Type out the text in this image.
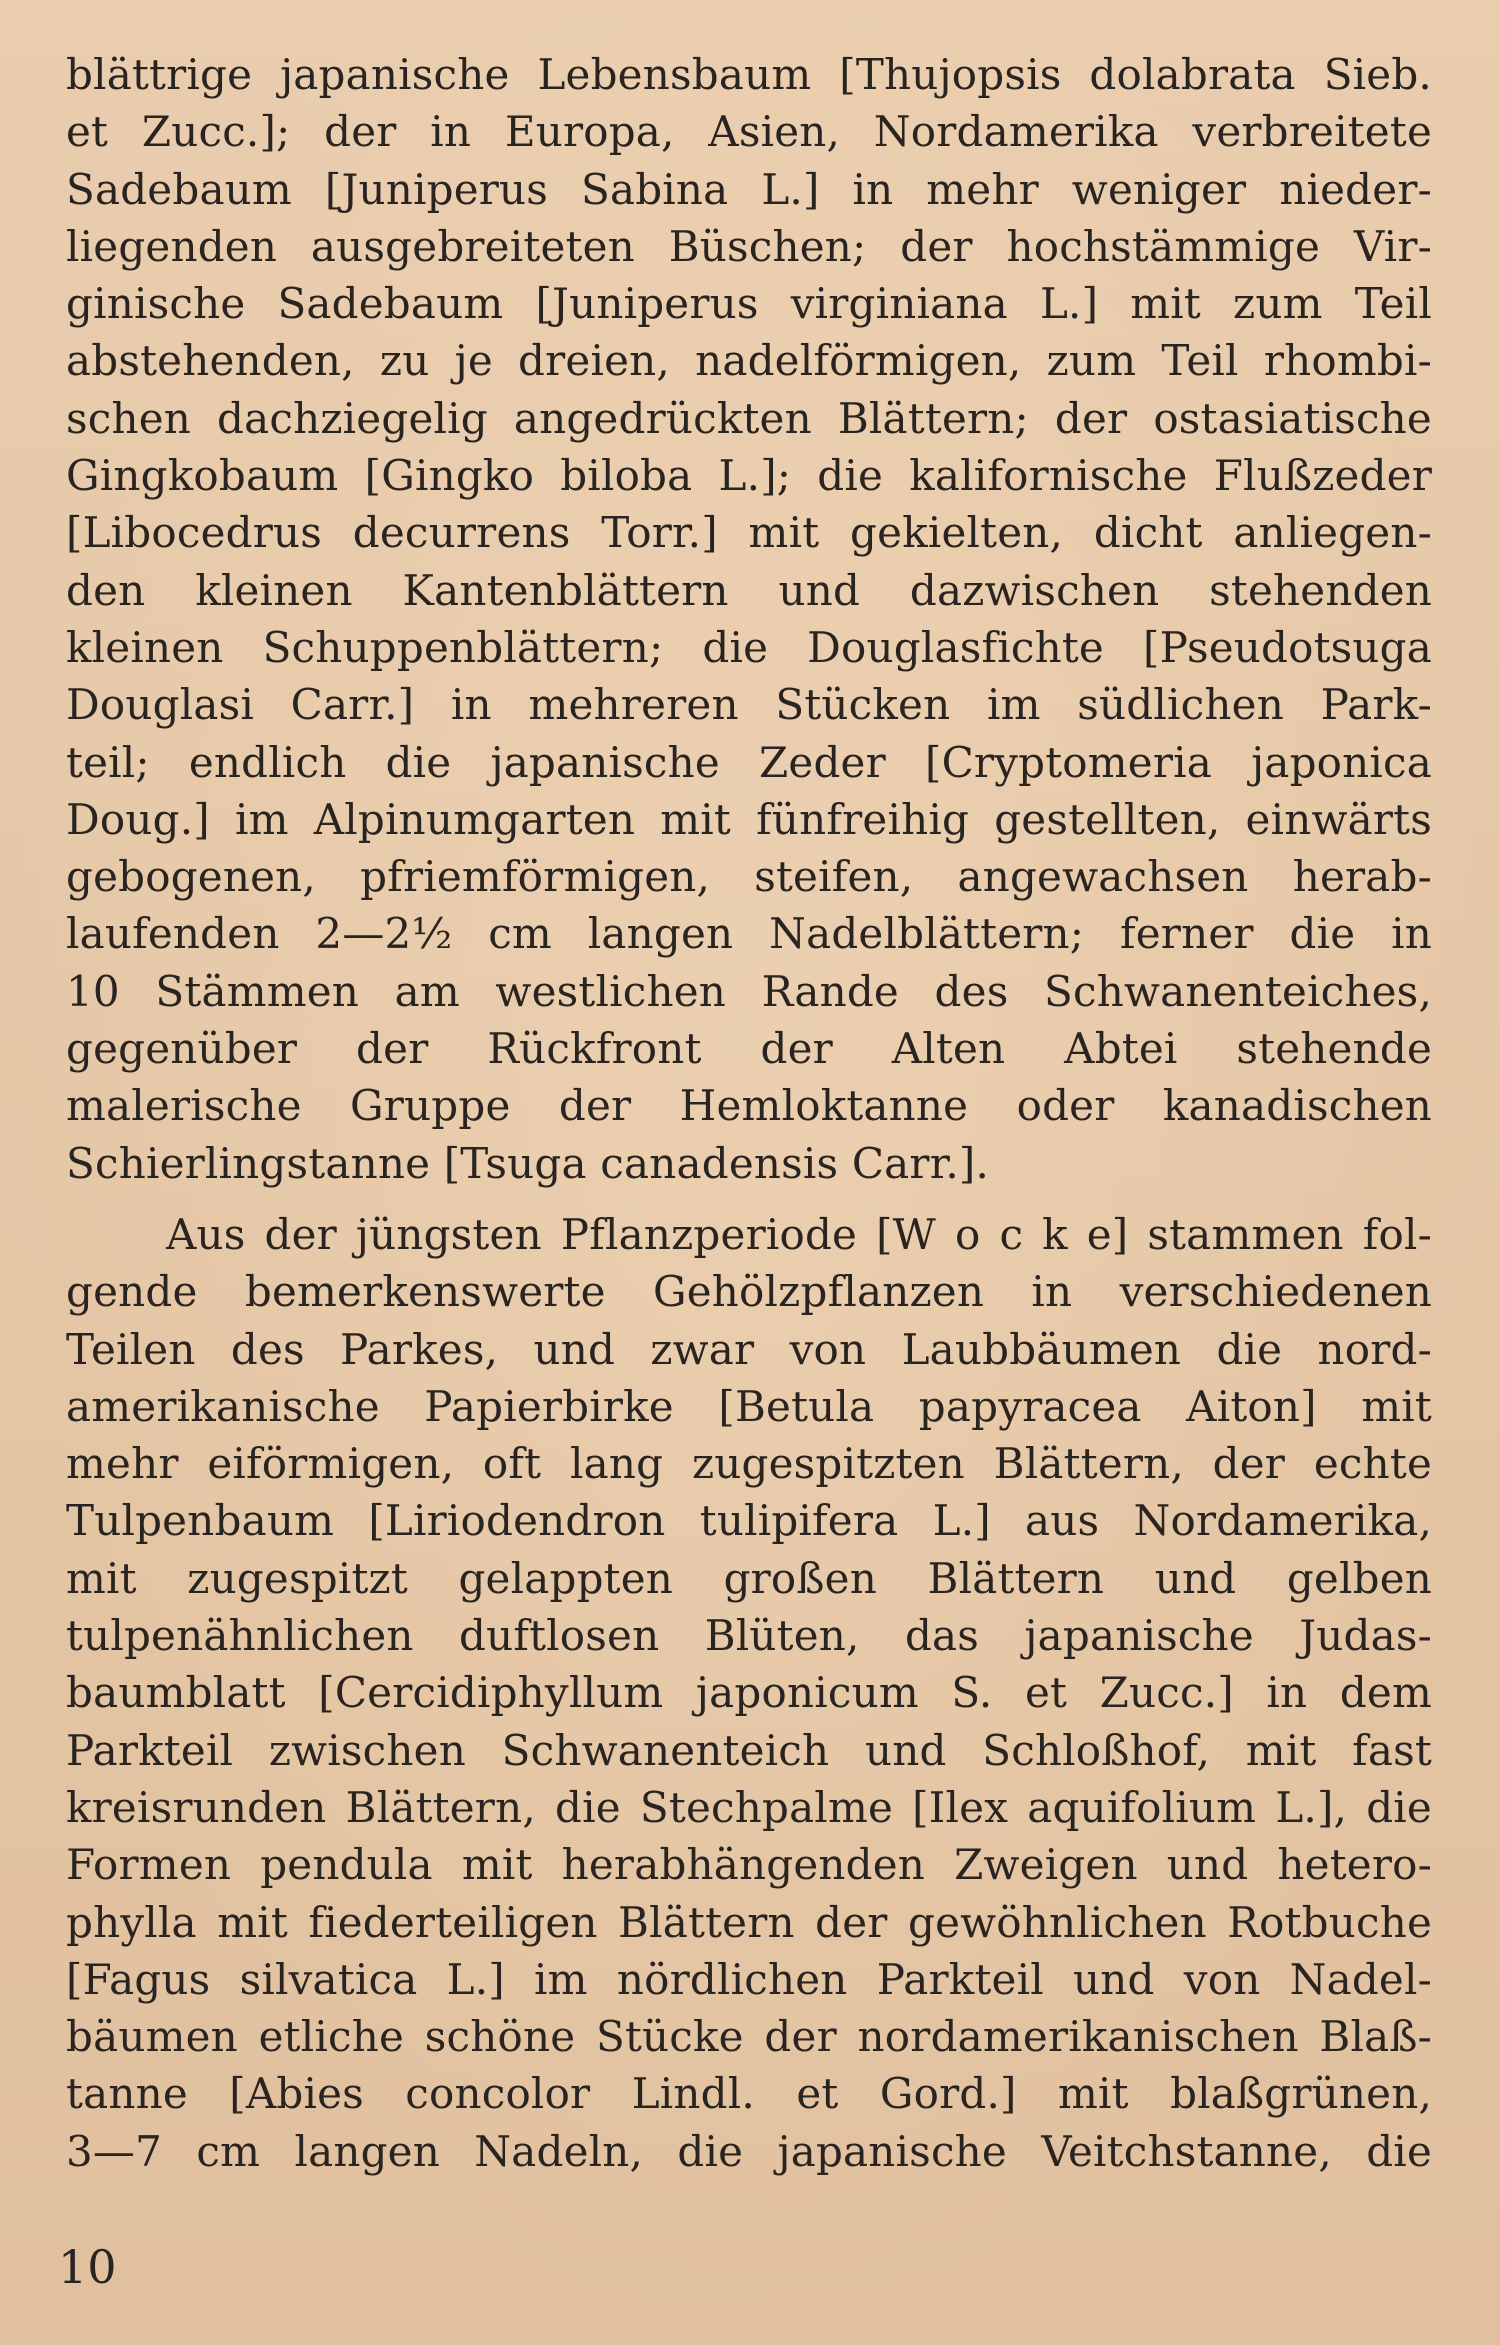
blättrige japanische Lebensbaum [Thujopsis dolabrata Sieb.
et Zucc.]; der in Europa, Asien, Nordamerika verbreitete
Sadebaum [Juniperus Sabina L.] in mehr weniger nieder-
liegenden ausgebreiteten Büschen; der hochstämmige Vir-
ginische Sadebaum [Juniperus virginiana L.] mit zum Teil
abstehenden, zu je dreien, nadelförmigen, zum Teil rhombi-
schen dachziegelig angedrückten Blättern; der ostasiatische
Gingkobaum [Gingko biloba L.]; die kalifornische Flußzeder
[Libocedrus decurrens Torr.] mit gekielten, dicht anliegen-
den kleinen Kantenblättern und dazwischen stehenden
kleinen Schuppenblättern; die Douglasfichte [Pseudotsuga
Douglasi Carr.] in mehreren Stücken im südlichen Park-
teil; endlich die japanische Zeder [Cryptomeria japonica
Doug.] im Alpinumgarten mit fünfreihig gestellten, einwärts
gebogenen, pfriemförmigen, steifen, angewachsen herab-
laufenden 2—2½ cm langen Nadelblättern; ferner die in
10 Stämmen am westlichen Rande des Schwanenteiches,
gegenüber der Rückfront der Alten Abtei stehende
malerische Gruppe der Hemloktanne oder kanadischen
Schierlingstanne [Tsuga canadensis Carr.].
Aus der jüngsten Pflanzperiode [W o c k e] stammen fol-
gende bemerkenswerte Gehölzpflanzen in verschiedenen
Teilen des Parkes, und zwar von Laubbäumen die nord-
amerikanische Papierbirke [Betula papyracea Aiton] mit
mehr eiförmigen, oft lang zugespitzten Blättern, der echte
Tulpenbaum [Liriodendron tulipifera L.] aus Nordamerika,
mit zugespitzt gelappten großen Blättern und gelben
tulpenähnlichen duftlosen Blüten, das japanische Judas-
baumblatt [Cercidiphyllum japonicum S. et Zucc.] in dem
Parkteil zwischen Schwanenteich und Schloßhof, mit fast
kreisrunden Blättern, die Stechpalme [Ilex aquifolium L.], die
Formen pendula mit herabhängenden Zweigen und hetero-
phylla mit fiederteiligen Blättern der gewöhnlichen Rotbuche
[Fagus silvatica L.] im nördlichen Parkteil und von Nadel-
bäumen etliche schöne Stücke der nordamerikanischen Blaß-
tanne [Abies concolor Lindl. et Gord.] mit blaßgrünen,
3—7 cm langen Nadeln, die japanische Veitchstanne, die
10
